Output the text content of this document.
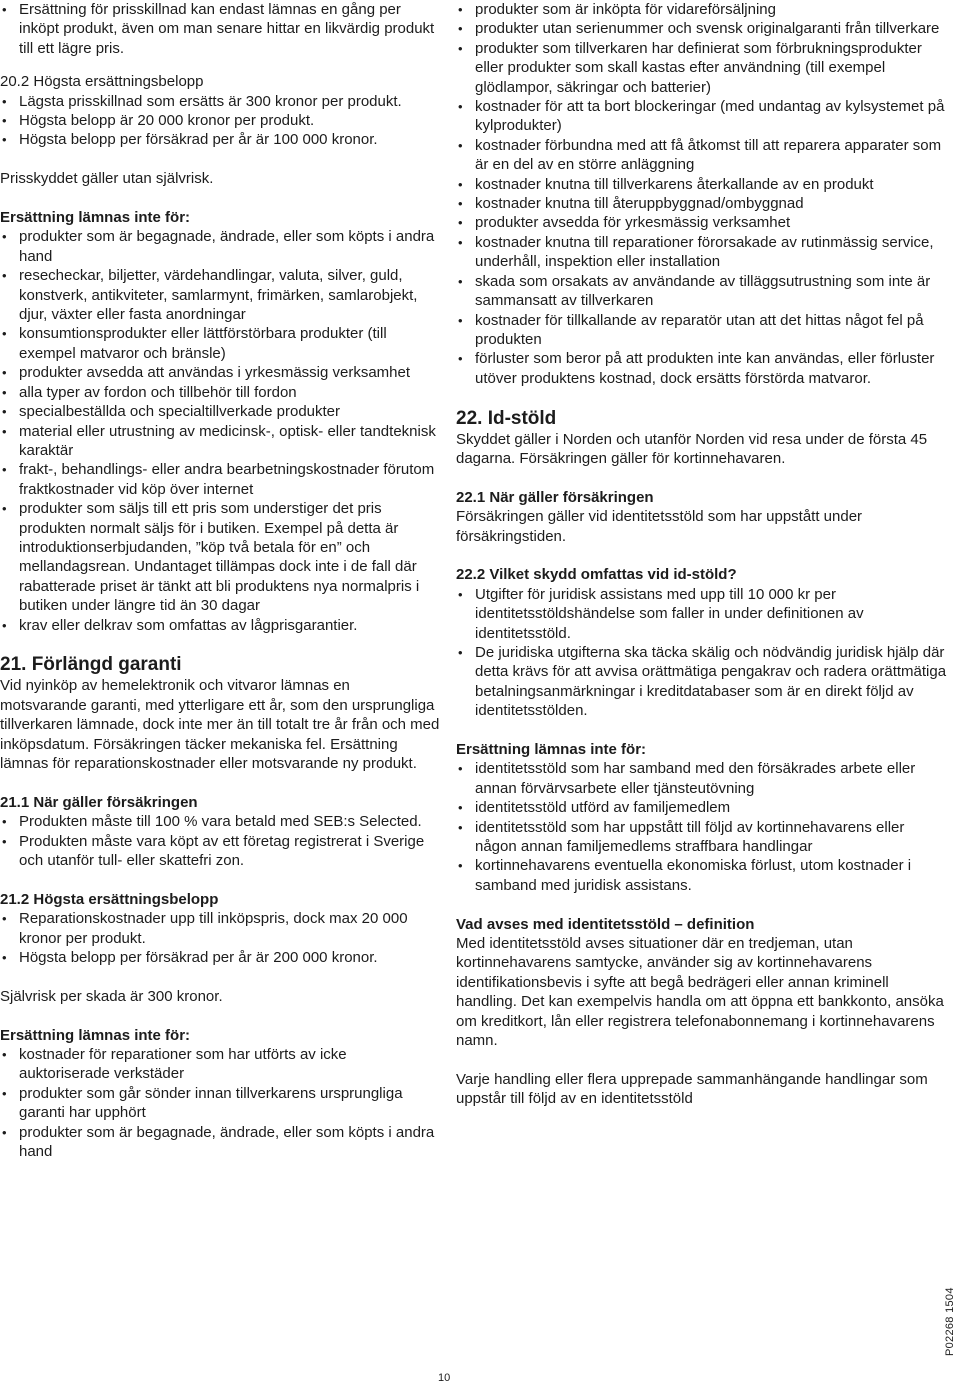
• Ersättning för prisskillnad kan endast lämnas en gång per inköpt produkt, även om man senare hittar en likvärdig produkt till ett lägre pris.

20.2 Högsta ersättningsbelopp

• Lägsta prisskillnad som ersätts är 300 kronor per produkt.
• Högsta belopp är 20 000 kronor per produkt.
• Högsta belopp per försäkrad per år är 100 000 kronor.

Prisskyddet gäller utan självrisk.

Ersättning lämnas inte för:

• produkter som är begagnade, ändrade, eller som köpts i andra hand
• resecheckar, biljetter, värdehandlingar, valuta, silver, guld, konstverk, antikviteter, samlarmynt, frimärken, samlarobjekt, djur, växter eller fasta anordningar
• konsumtionsprodukter eller lättförstörbara produkter (till exempel matvaror och bränsle)
• produkter avsedda att användas i yrkesmässig verksamhet
• alla typer av fordon och tillbehör till fordon
• specialbeställda och specialtillverkade produkter
• material eller utrustning av medicinsk-, optisk- eller tandteknisk karaktär
• frakt-, behandlings- eller andra bearbetningskostnader förutom fraktkostnader vid köp över internet
• produkter som säljs till ett pris som understiger det pris produkten normalt säljs för i butiken. Exempel på detta är introduktionserbjudanden, ”köp två betala för en” och mellandagsrean. Undantaget tillämpas dock inte i de fall där rabatterade priset är tänkt att bli produktens nya normalpris i butiken under längre tid än 30 dagar
• krav eller delkrav som omfattas av lågprisgarantier.

21. Förlängd garanti

Vid nyinköp av hemelektronik och vitvaror lämnas en motsvarande garanti, med ytterligare ett år, som den ursprungliga tillverkaren lämnade, dock inte mer än till totalt tre år från och med inköpsdatum. Försäkringen täcker mekaniska fel. Ersättning lämnas för reparationskostnader eller motsvarande ny produkt.

21.1 När gäller försäkringen

• Produkten måste till 100 % vara betald med SEB:s Selected.
• Produkten måste vara köpt av ett företag registrerat i Sverige och utanför tull- eller skattefri zon.

21.2 Högsta ersättningsbelopp

• Reparationskostnader upp till inköpspris, dock max 20 000 kronor per produkt.
• Högsta belopp per försäkrad per år är 200 000 kronor.

Självrisk per skada är 300 kronor.

Ersättning lämnas inte för:

• kostnader för reparationer som har utförts av icke auktoriserade verkstäder
• produkter som går sönder innan tillverkarens ursprungliga garanti har upphört
• produkter som är begagnade, ändrade, eller som köpts i andra hand
• produkter som är inköpta för vidareförsäljning
• produkter utan serienummer och svensk originalgaranti från tillverkare
• produkter som tillverkaren har definierat som förbrukningsprodukter eller produkter som skall kastas efter användning (till exempel glödlampor, säkringar och batterier)
• kostnader för att ta bort blockeringar (med undantag av kylsystemet på kylprodukter)
• kostnader förbundna med att få åtkomst till att reparera apparater som är en del av en större anläggning
• kostnader knutna till tillverkarens återkallande av en produkt
• kostnader knutna till återuppbyggnad/ombyggnad
• produkter avsedda för yrkesmässig verksamhet
• kostnader knutna till reparationer förorsakade av rutinmässig service, underhåll, inspektion eller installation
• skada som orsakats av användande av tilläggsutrustning som inte är sammansatt av tillverkaren
• kostnader för tillkallande av reparatör utan att det hittas något fel på produkten
• förluster som beror på att produkten inte kan användas, eller förluster utöver produktens kostnad, dock ersätts förstörda matvaror.

22. Id-stöld

Skyddet gäller i Norden och utanför Norden vid resa under de första 45 dagarna. Försäkringen gäller för kortinnehavaren.

22.1 När gäller försäkringen

Försäkringen gäller vid identitetsstöld som har uppstått under försäkringstiden.

22.2 Vilket skydd omfattas vid id-stöld?

• Utgifter för juridisk assistans med upp till 10 000 kr per identitetsstöldshändelse som faller in under definitionen av identitetsstöld.
• De juridiska utgifterna ska täcka skälig och nödvändig juridisk hjälp där detta krävs för att avvisa orättmätiga pengakrav och radera orättmätiga betalningsanmärkningar i kreditdatabaser som är en direkt följd av identitetsstölden.

Ersättning lämnas inte för:

• identitetsstöld som har samband med den försäkrades arbete eller annan förvärvsarbete eller tjänsteutövning
• identitetsstöld utförd av familjemedlem
• identitetsstöld som har uppstått till följd av kortinnehavarens eller någon annan familjemedlems straffbara handlingar
• kortinnehavarens eventuella ekonomiska förlust, utom kostnader i samband med juridisk assistans.

Vad avses med identitetsstöld – definition

Med identitetsstöld avses situationer där en tredjeman, utan kortinnehavarens samtycke, använder sig av kortinnehavarens identifikationsbevis i syfte att begå bedrägeri eller annan kriminell handling. Det kan exempelvis handla om att öppna ett bankkonto, ansöka om kreditkort, lån eller registrera telefonabonnemang i kortinnehavarens namn.

Varje handling eller flera upprepade sammanhängande handlingar som uppstår till följd av en identitetsstöld

10
P02268 1504
